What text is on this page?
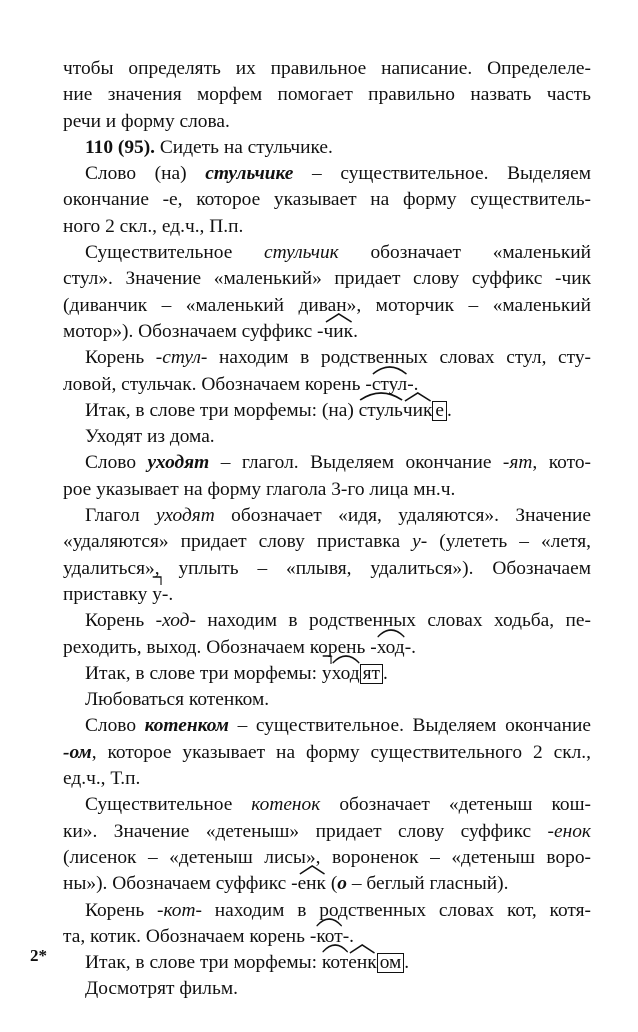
чтобы определять их правильное написание. Определеле-
ние значения морфем помогает правильно назвать часть
речи и форму слова.
110 (95). Сидеть на стульчике.
Слово (на) стульчике – существительное. Выделяем
окончание -е, которое указывает на форму существитель-
ного 2 скл., ед.ч., П.п.
Существительное стульчик обозначает «маленький
стул». Значение «маленький» придает слову суффикс -чик
(диванчик – «маленький диван», моторчик – «маленький
мотор»). Обозначаем суффикс -
чик.
Корень -стул- находим в родственных словах стул, сту-
ловой, стульчак. Обозначаем корень -
стул-.
Итак, в слове три морфемы: (на)
стуль
чик е .
Уходят из дома.
Слово уходят – глагол. Выделяем окончание -ят, кото-
рое указывает на форму глагола 3-го лица мн.ч.
Глагол уходят обозначает «идя, удаляются». Значение
«удаляются» придает слову приставка у- (улететь – «летя,
удалиться», уплыть – «плывя, удалиться»). Обозначаем
приставку
у-.
Корень -ход- находим в родственных словах ходьба, пе-
реходить, выход. Обозначаем корень -
ход-.
Итак, в слове три морфемы:
у
ход ят .
Любоваться котенком.
Слово котенком – существительное. Выделяем окончание
-ом, которое указывает на форму существительного 2 скл.,
ед.ч., Т.п.
Существительное котенок обозначает «детеныш кош-
ки». Значение «детеныш» придает слову суффикс -енок
(лисенок – «детеныш лисы», вороненок – «детеныш воро-
ны»). Обозначаем суффикс -
енк (о – беглый гласный).
Корень -кот- находим в родственных словах кот, котя-
та, котик. Обозначаем корень -
кот-.
Итак, в слове три морфемы:
кот
енк ом .
Досмотрят фильм.
2*
